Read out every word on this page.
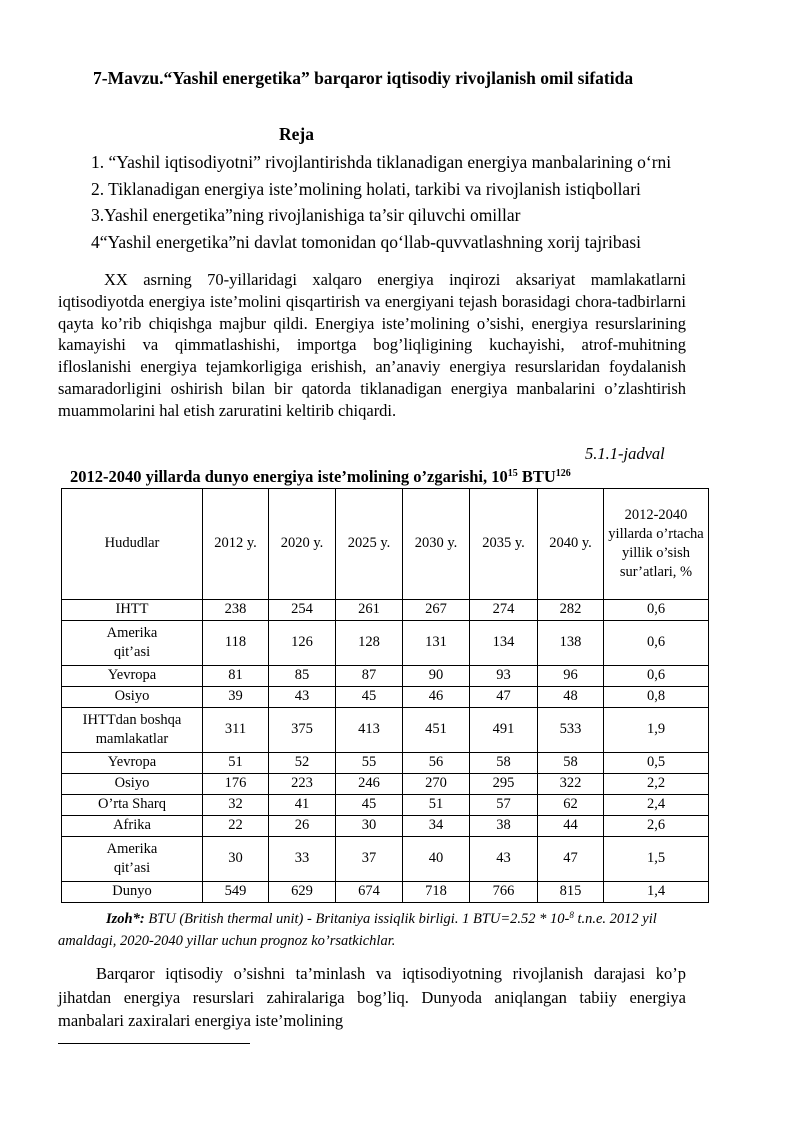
7-Mavzu.“Yashil energetika” barqaror iqtisodiy rivojlanish omil sifatida
Reja
1. “Yashil iqtisodiyotni” rivojlantirishda tiklanadigan energiya manbalarining o‘rni
2. Tiklanadigan energiya iste’molining holati, tarkibi va rivojlanish istiqbollari
3.Yashil energetika”ning rivojlanishiga ta’sir qiluvchi omillar
4“Yashil energetika”ni davlat tomonidan qo‘llab-quvvatlashning xorij tajribasi

XX asrning 70-yillaridagi xalqaro energiya inqirozi aksariyat mamlakatlarni iqtisodiyotda energiya iste’molini qisqartirish va energiyani tejash borasidagi chora-tadbirlarni qayta ko’rib chiqishga majbur qildi. Energiya iste’molining o’sishi, energiya resurslarining kamayishi va qimmatlashishi, importga bog’liqligining kuchayishi, atrof-muhitning ifloslanishi energiya tejamkorligiga erishish, an’anaviy energiya resurslaridan foydalanish samaradorligini oshirish bilan bir qatorda tiklanadigan energiya manbalarini o’zlashtirish muammolarini hal etish zaruratini keltirib chiqardi.

5.1.1-jadval
2012-2040 yillarda dunyo energiya iste’molining o’zgarishi, $10^{15}$ BTU$^{126}$
Hududlar	2012 y.	2020 y.	2025 y.	2030 y.	2035 y.	2040 y.	2012-2040 yillarda o’rtacha yillik o’sish sur’atlari, %
IHTT	238	254	261	267	274	282	0,6
Amerika qit’asi	118	126	128	131	134	138	0,6
Yevropa	81	85	87	90	93	96	0,6
Osiyo	39	43	45	46	47	48	0,8
IHTTdan boshqa mamlakatlar	311	375	413	451	491	533	1,9
Yevropa	51	52	55	56	58	58	0,5
Osiyo	176	223	246	270	295	322	2,2
O’rta Sharq	32	41	45	51	57	62	2,4
Afrika	22	26	30	34	38	44	2,6
Amerika qit’asi	30	33	37	40	43	47	1,5
Dunyo	549	629	674	718	766	815	1,4

Izoh*: BTU (British thermal unit) - Britaniya issiqlik birligi. 1 BTU=2.52 * 10-$^8$ t.n.e. 2012 yil amaldagi, 2020-2040 yillar uchun prognoz ko’rsatkichlar.

Barqaror iqtisodiy o’sishni ta’minlash va iqtisodiyotning rivojlanish darajasi ko’p jihatdan energiya resurslari zahiralariga bog’liq. Dunyoda aniqlangan tabiiy energiya manbalari zaxiralari energiya iste’molining
